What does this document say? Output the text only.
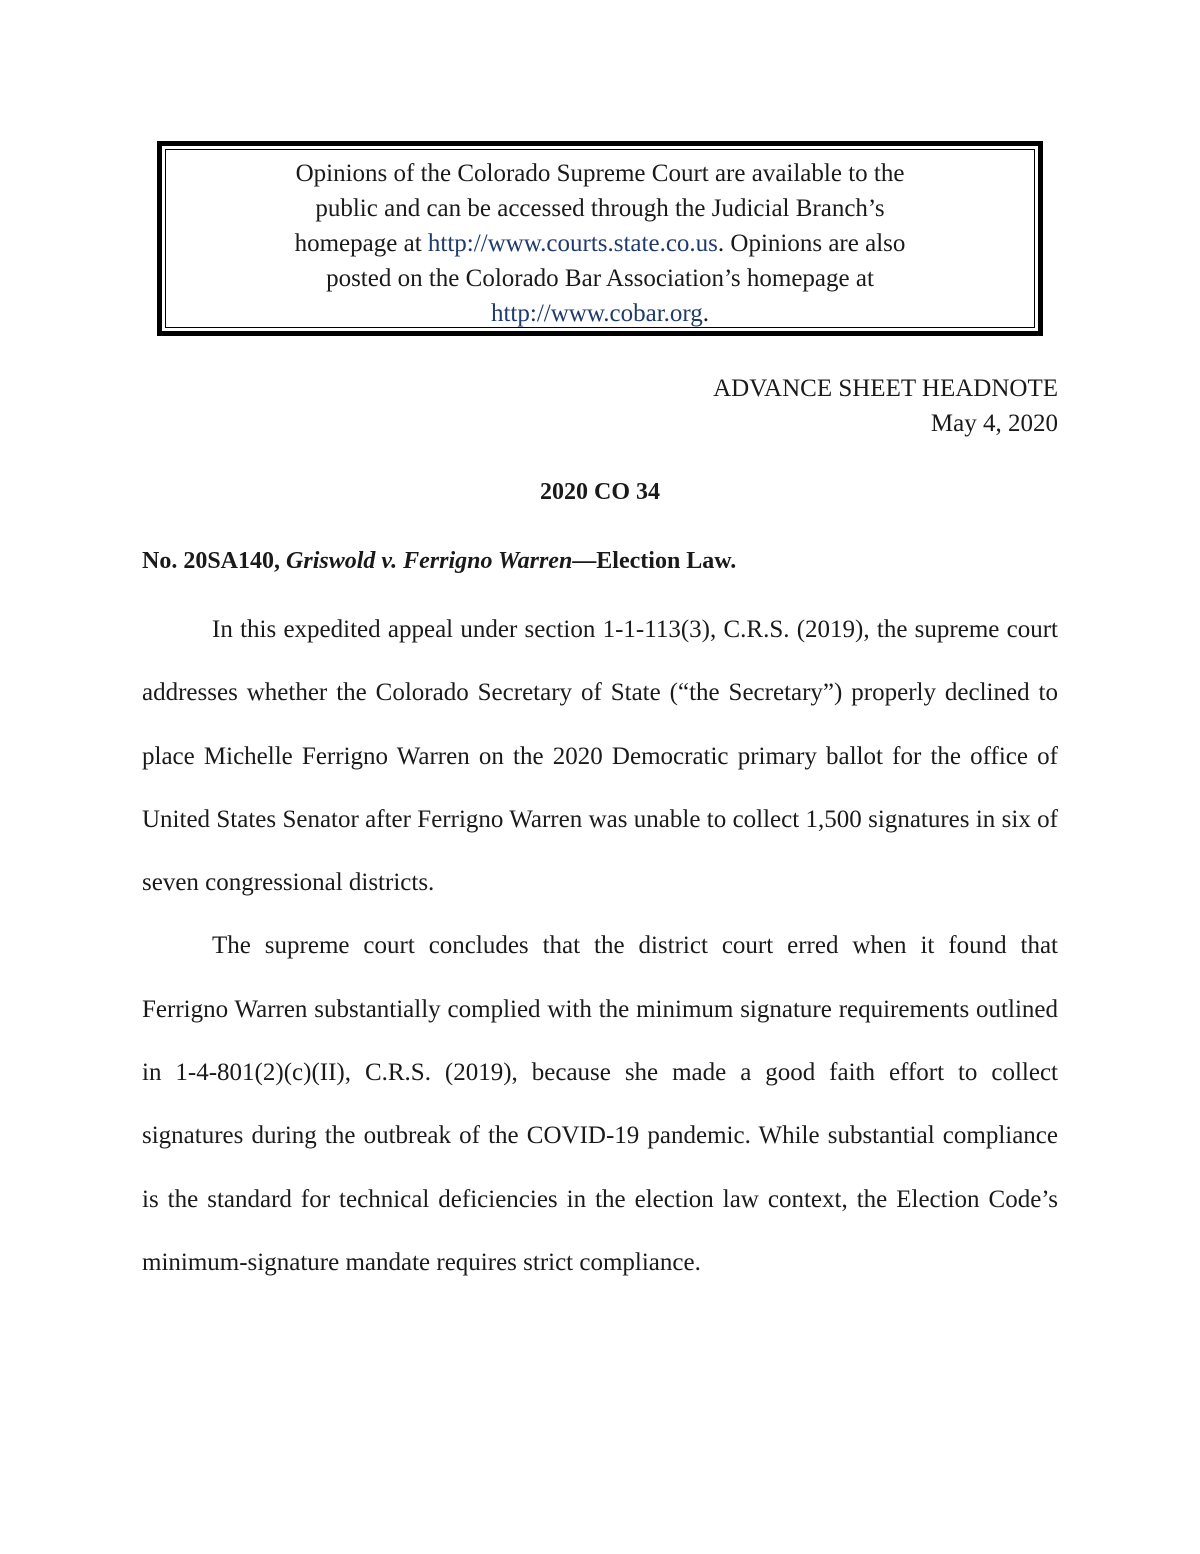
Opinions of the Colorado Supreme Court are available to the
public and can be accessed through the Judicial Branch’s
homepage at http://www.courts.state.co.us. Opinions are also
posted on the Colorado Bar Association’s homepage at
http://www.cobar.org.
ADVANCE SHEET HEADNOTE
May 4, 2020
2020 CO 34
No. 20SA140, Griswold v. Ferrigno Warren—Election Law.

In this expedited appeal under section 1-1-113(3), C.R.S. (2019), the supreme court addresses whether the Colorado Secretary of State (“the Secretary”) properly declined to place Michelle Ferrigno Warren on the 2020 Democratic primary ballot for the office of United States Senator after Ferrigno Warren was unable to collect 1,500 signatures in six of seven congressional districts.

The supreme court concludes that the district court erred when it found that Ferrigno Warren substantially complied with the minimum signature requirements outlined in 1-4-801(2)(c)(II), C.R.S. (2019), because she made a good faith effort to collect signatures during the outbreak of the COVID-19 pandemic. While substantial compliance is the standard for technical deficiencies in the election law context, the Election Code’s minimum-signature mandate requires strict compliance.
